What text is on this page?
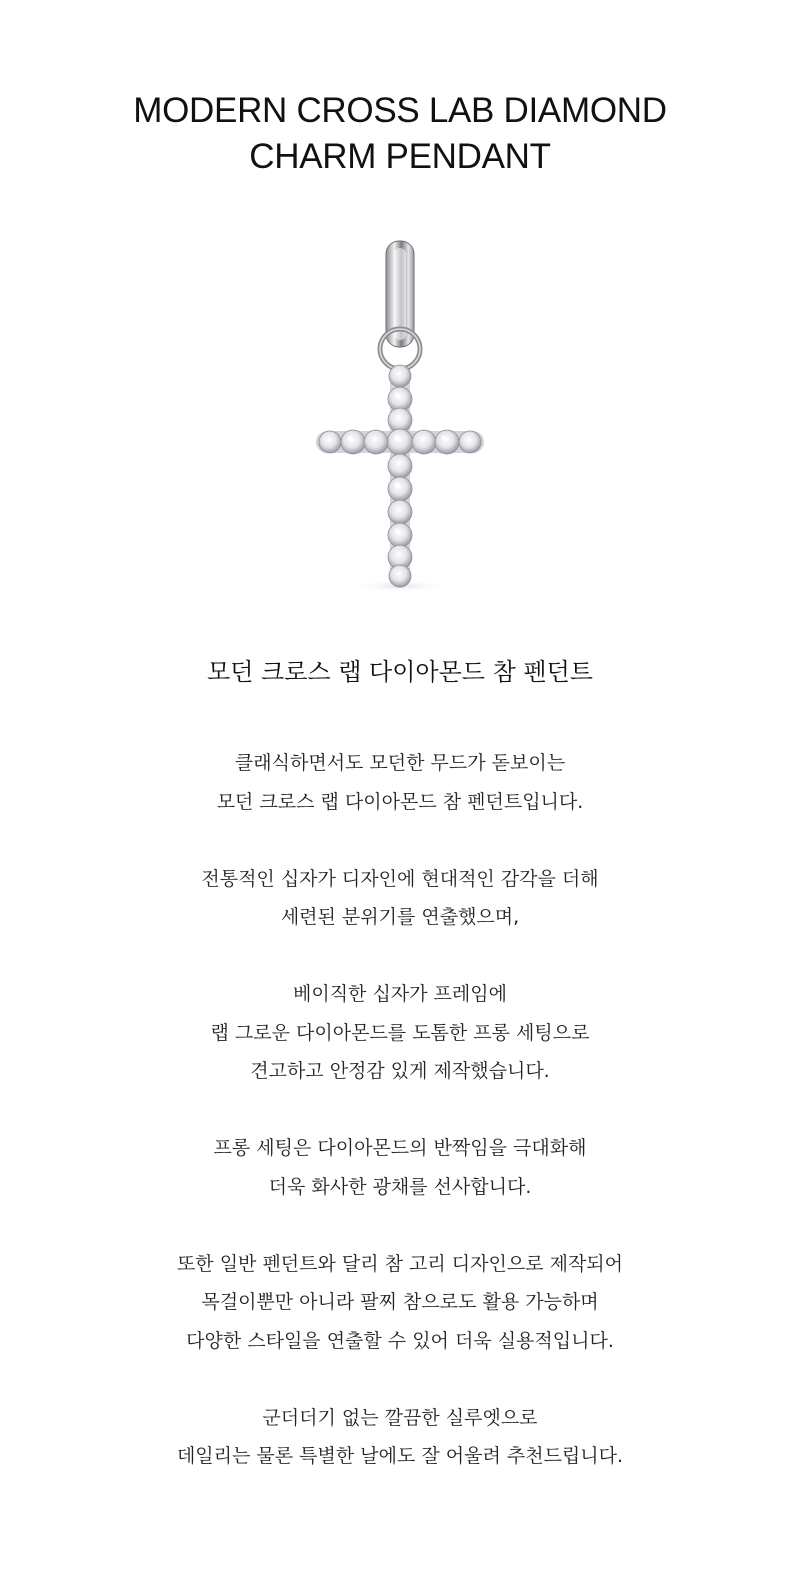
MODERN CROSS LAB DIAMOND
CHARM PENDANT
모던 크로스 랩 다이아몬드 참 펜던트

클래식하면서도 모던한 무드가 돋보이는
모던 크로스 랩 다이아몬드 참 펜던트입니다.

전통적인 십자가 디자인에 현대적인 감각을 더해
세련된 분위기를 연출했으며,

베이직한 십자가 프레임에
랩 그로운 다이아몬드를 도톰한 프롱 세팅으로
견고하고 안정감 있게 제작했습니다.

프롱 세팅은 다이아몬드의 반짝임을 극대화해
더욱 화사한 광채를 선사합니다.

또한 일반 펜던트와 달리 참 고리 디자인으로 제작되어
목걸이뿐만 아니라 팔찌 참으로도 활용 가능하며
다양한 스타일을 연출할 수 있어 더욱 실용적입니다.

군더더기 없는 깔끔한 실루엣으로
데일리는 물론 특별한 날에도 잘 어울려 추천드립니다.
